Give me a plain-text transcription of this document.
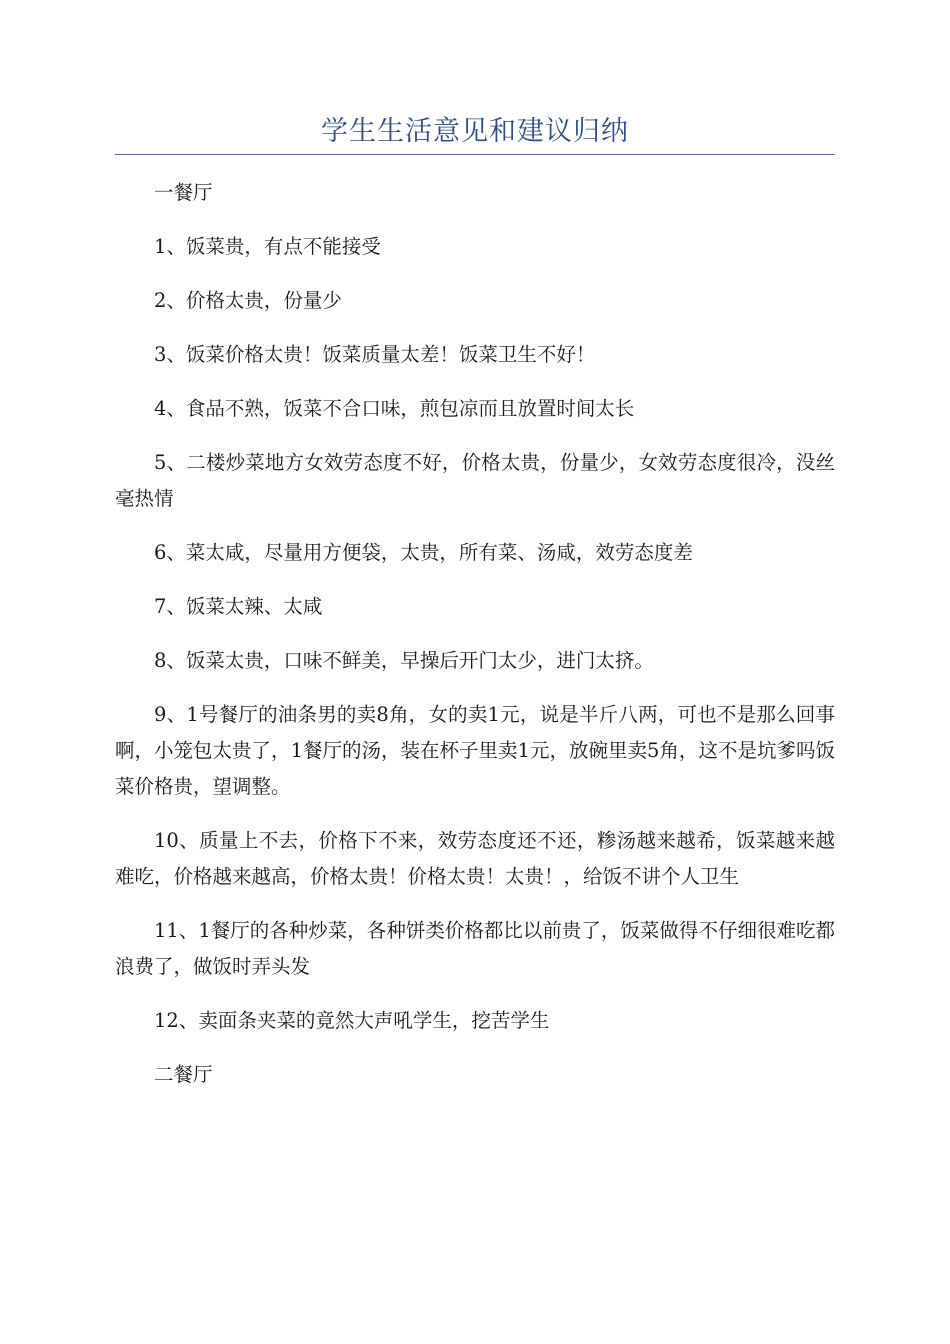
学生生活意见和建议归纳

一餐厅

1、饭菜贵，有点不能接受

2、价格太贵，份量少

3、饭菜价格太贵！饭菜质量太差！饭菜卫生不好！

4、食品不熟，饭菜不合口味，煎包凉而且放置时间太长

5、二楼炒菜地方女效劳态度不好，价格太贵，份量少，女效劳态度很冷，没丝毫热情

6、菜太咸，尽量用方便袋，太贵，所有菜、汤咸，效劳态度差

7、饭菜太辣、太咸

8、饭菜太贵，口味不鲜美，早操后开门太少，进门太挤。

9、1号餐厅的油条男的卖8角，女的卖1元，说是半斤八两，可也不是那么回事啊，小笼包太贵了，1餐厅的汤，装在杯子里卖1元，放碗里卖5角，这不是坑爹吗饭菜价格贵，望调整。

10、质量上不去，价格下不来，效劳态度还不还，糁汤越来越希，饭菜越来越难吃，价格越来越高，价格太贵！价格太贵！太贵！，给饭不讲个人卫生

11、1餐厅的各种炒菜，各种饼类价格都比以前贵了，饭菜做得不仔细很难吃都浪费了，做饭时弄头发

12、卖面条夹菜的竟然大声吼学生，挖苦学生

二餐厅
